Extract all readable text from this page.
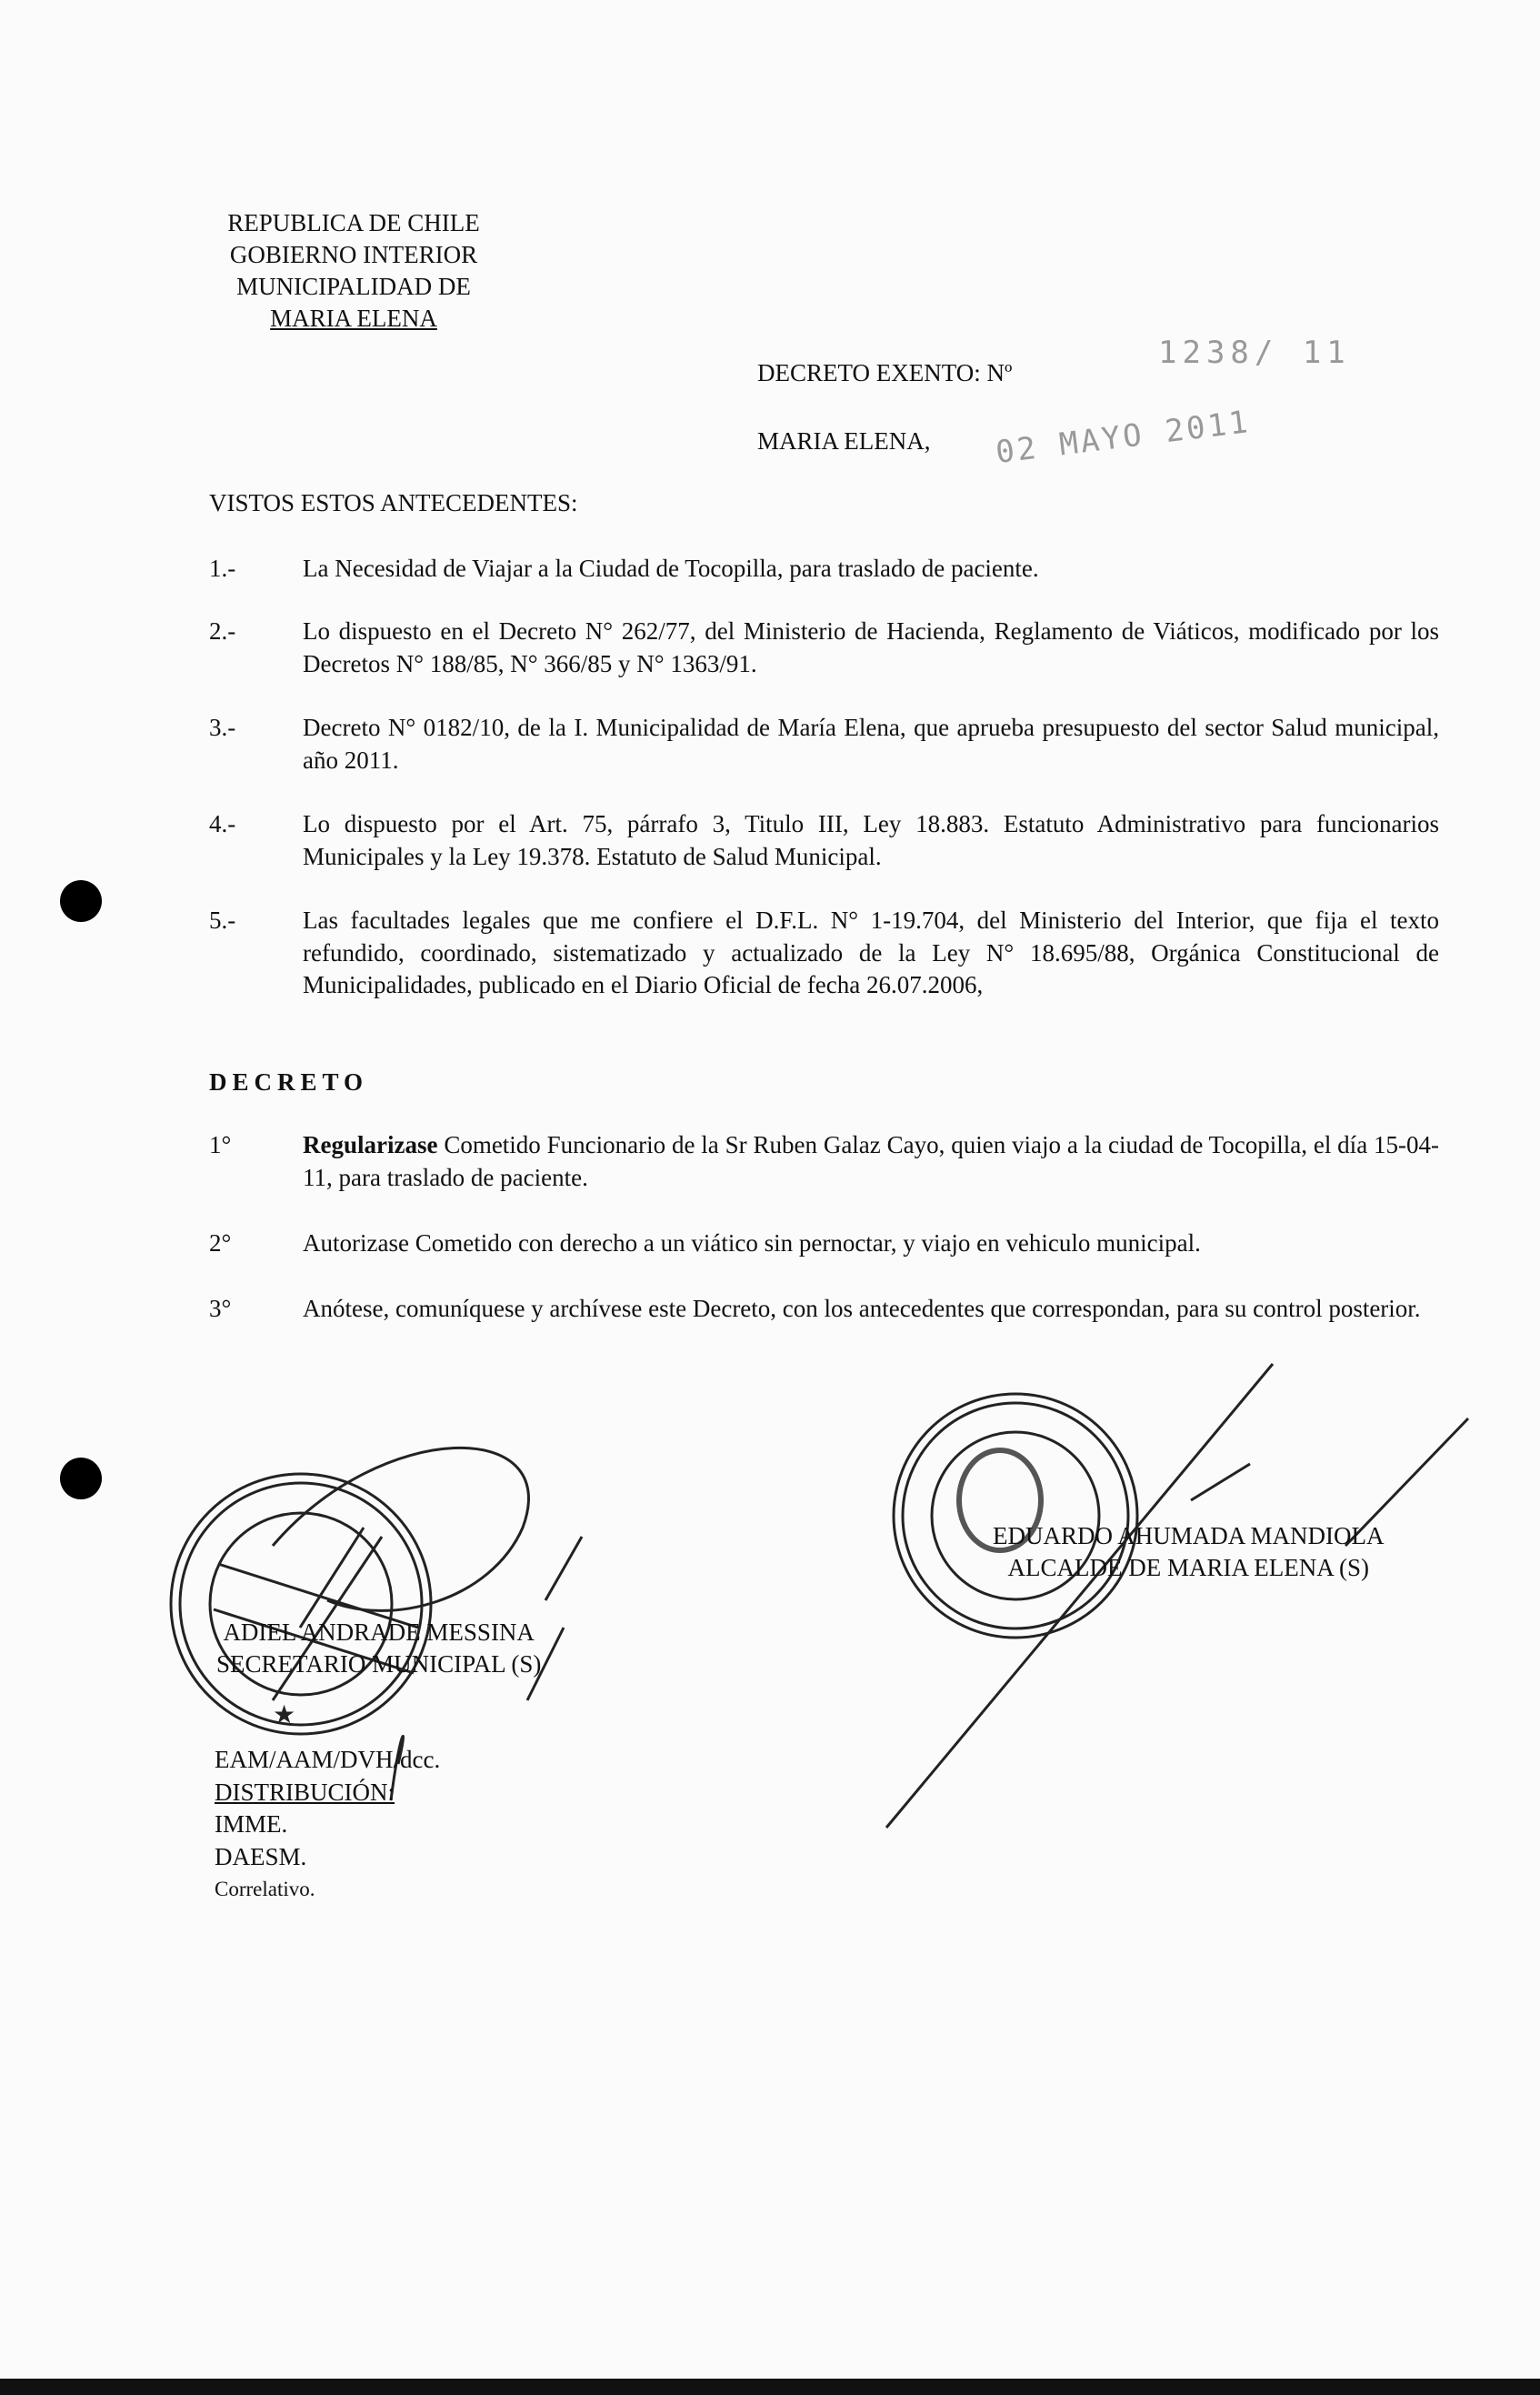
REPUBLICA DE CHILE
GOBIERNO INTERIOR
MUNICIPALIDAD DE
MARIA ELENA
DECRETO EXENTO: Nº
1238/ 11
MARIA ELENA, 02 MAYO 2011
VISTOS ESTOS ANTECEDENTES:
1.-	La Necesidad de Viajar a la Ciudad de Tocopilla, para traslado de paciente.
2.-	Lo dispuesto en el Decreto N° 262/77, del Ministerio de Hacienda, Reglamento de Viáticos, modificado por los Decretos N° 188/85, N° 366/85 y N° 1363/91.
3.-	Decreto N° 0182/10, de la I. Municipalidad de María Elena, que aprueba presupuesto del sector Salud municipal, año 2011.
4.-	Lo dispuesto por el Art. 75, párrafo 3, Titulo III, Ley 18.883. Estatuto Administrativo para funcionarios Municipales y la Ley 19.378. Estatuto de Salud Municipal.
5.-	Las facultades legales que me confiere el D.F.L. N° 1-19.704, del Ministerio del Interior, que fija el texto refundido, coordinado, sistematizado y actualizado de la Ley N° 18.695/88, Orgánica Constitucional de Municipalidades, publicado en el Diario Oficial de fecha 26.07.2006,
DECRETO
1°	Regularizase Cometido Funcionario de la Sr Ruben Galaz Cayo, quien viajo a la ciudad de Tocopilla, el día 15-04-11, para traslado de paciente.
2°	Autorizase Cometido con derecho a un viático sin pernoctar, y viajo en vehiculo municipal.
3°	Anótese, comuníquese y archívese este Decreto, con los antecedentes que correspondan, para su control posterior.
★
EDUARDO AHUMADA MANDIOLA
ALCALDE DE MARIA ELENA (S)
ADIEL ANDRADE MESSINA
SECRETARIO MUNICIPAL (S)
EAM/AAM/DVH/dcc.
DISTRIBUCIÓN:
IMME.
DAESM.
Correlativo.
